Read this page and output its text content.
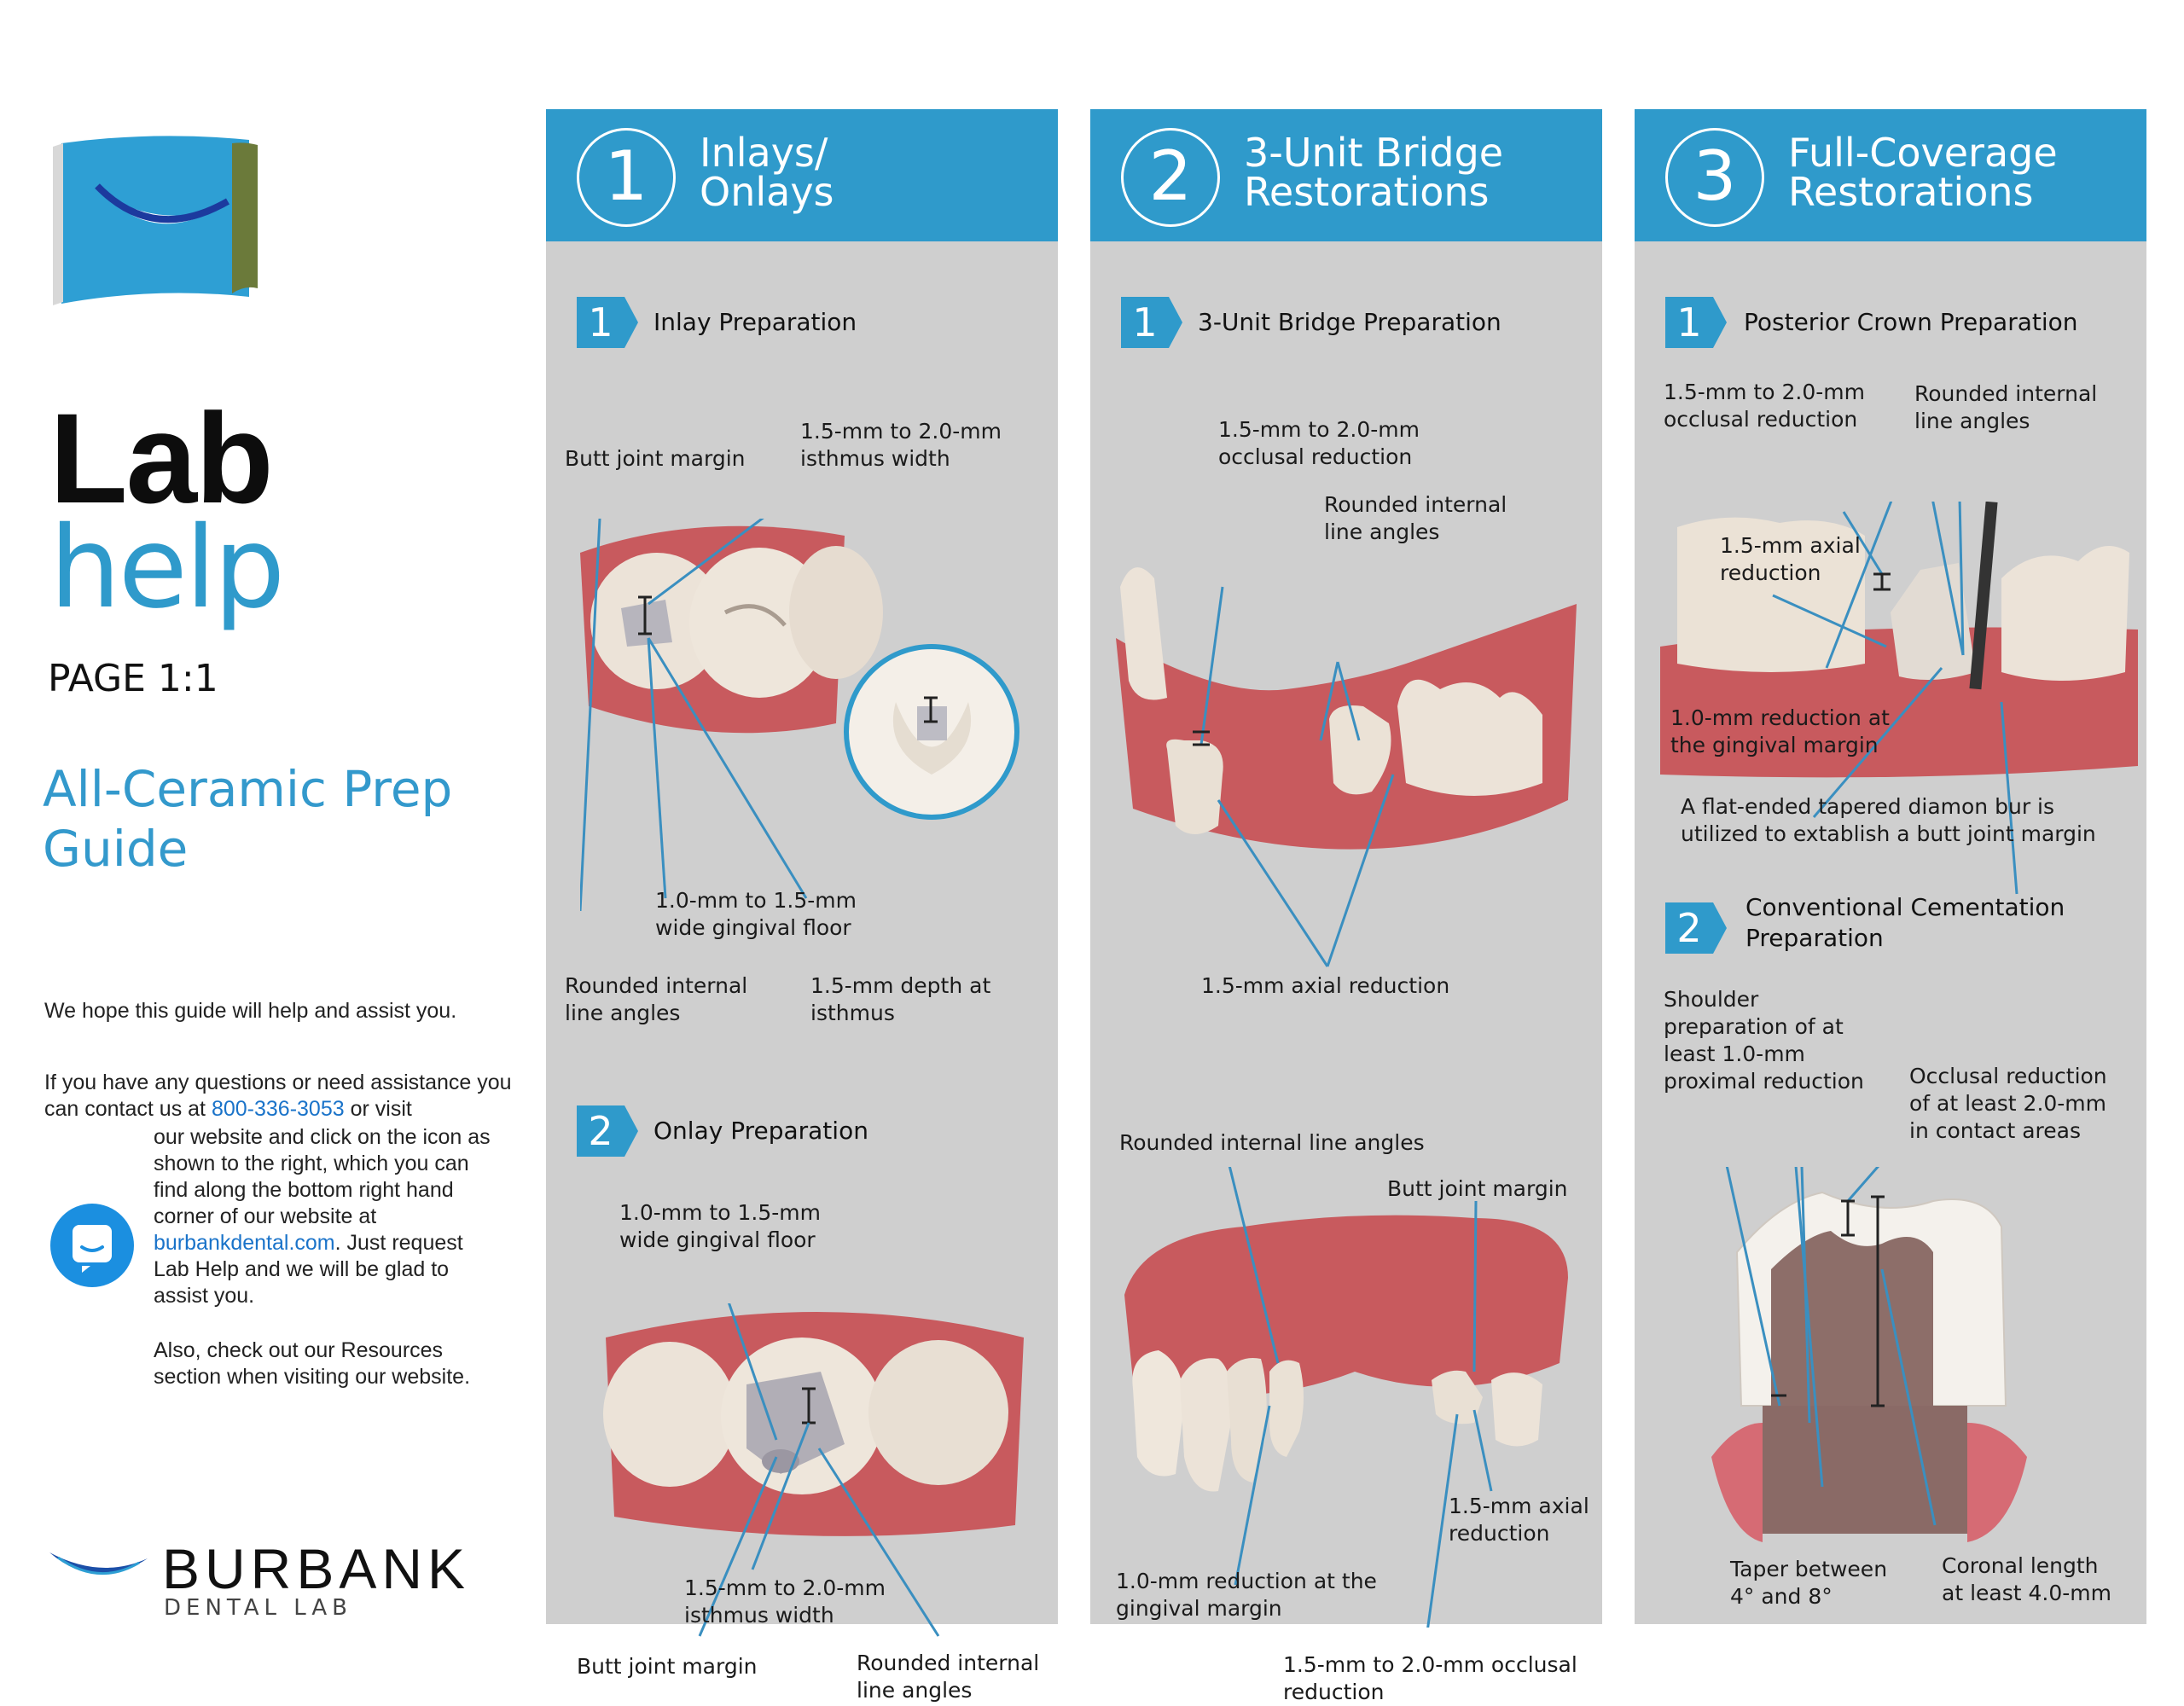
Lab
help
PAGE 1:1
All-Ceramic Prep Guide
We hope this guide will help and assist you.
If you have any questions or need assistance you can contact us at 800-336-3053 or visit
our website and click on the icon as shown to the right, which you can find along the bottom right hand corner of our website at burbankdental.com. Just request Lab Help and we will be glad to assist you.
Also, check out our Resources section when visiting our website.
BURBANK
DENTAL LAB
1	Inlays/
Onlays
1	Inlay Preparation
Butt joint margin
1.5-mm to 2.0-mm
isthmus width
1.0-mm to 1.5-mm
wide gingival floor
Rounded internal
line angles
1.5-mm depth at
isthmus
2	Onlay Preparation
1.0-mm to 1.5-mm
wide gingival floor
1.5-mm to 2.0-mm
isthmus width
Butt joint margin	Rounded internal
line angles
2	3-Unit Bridge
Restorations
1	3-Unit Bridge Preparation
1.5-mm to 2.0-mm
occlusal reduction
Rounded internal
line angles
1.5-mm axial reduction
Rounded internal line angles
Butt joint margin
1.5-mm axial
reduction
1.0-mm reduction at the
gingival margin
1.5-mm to 2.0-mm occlusal
reduction
3	Full-Coverage
Restorations
1	Posterior Crown Preparation
1.5-mm to 2.0-mm
occlusal reduction
Rounded internal
line angles
1.5-mm axial
reduction
1.0-mm reduction at
the gingival margin
A flat-ended tapered diamon bur is
utilized to extablish a butt joint margin
2	Conventional Cementation
Preparation
Shoulder
preparation of at
least 1.0-mm
proximal reduction Occlusal reduction
of at least 2.0-mm
in contact areas
Taper between
4° and 8°
Coronal length
at least 4.0-mm
